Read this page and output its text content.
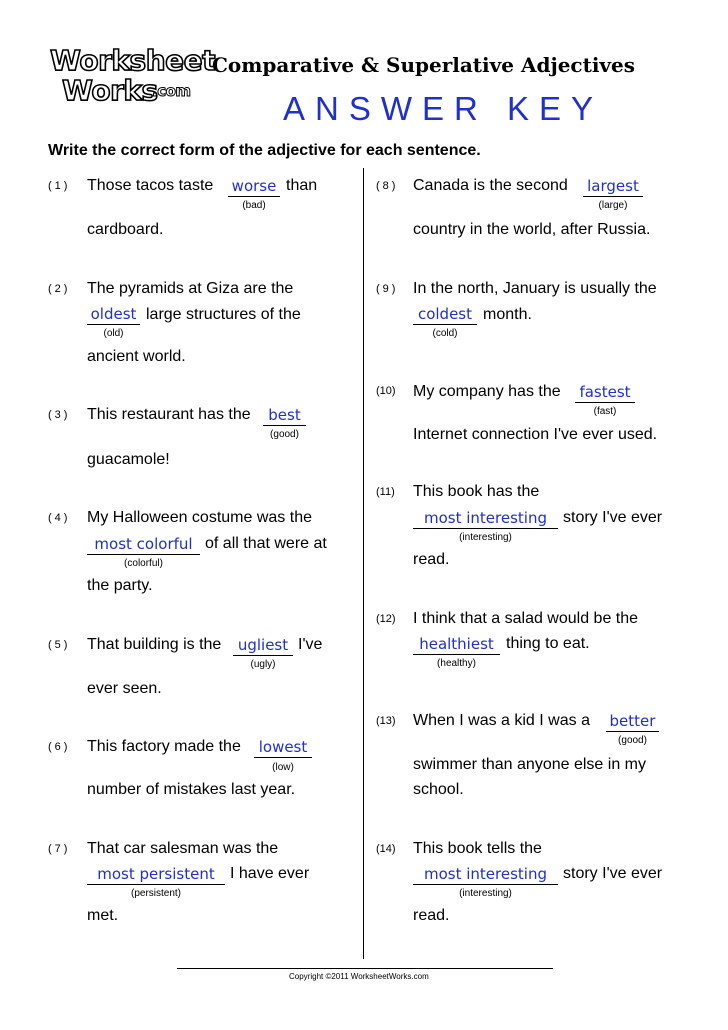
Worksheet
Works
.com
Comparative & Superlative Adjectives
ANSWER KEY
Write the correct form of the adjective for each sentence.
(1) Those tacos taste worse
(bad)
than
cardboard.
(2) The pyramids at Giza are the
oldest
(old)
large structures of the
ancient world.
(3) This restaurant has the	best
(good)
guacamole!
(4) My Halloween costume was the
most colorful
(colorful)
of all that were at
the party.
(5) That building is the	ugliest
(ugly)
I've
ever seen.
(6) This factory made the	lowest
(low)
number of mistakes last year.
(7) That car salesman was the
most persistent
(persistent)
I have ever
met.
(8) Canada is the second largest
(large)
country in the world, after Russia.
(9) In the north, January is usually the
coldest
(cold)
month.
(10) My company has the fastest
(fast)
Internet connection I've ever used.
(11) This book has the
most interesting
(interesting)
story I've ever
read.
(12) I think that a salad would be the
healthiest
(healthy)
thing to eat.
(13) When I was a kid I was a better
(good)
swimmer than anyone else in my
school.
(14) This book tells the
most interesting
(interesting)
story I've ever
read.
Copyright ©2011 WorksheetWorks.com
